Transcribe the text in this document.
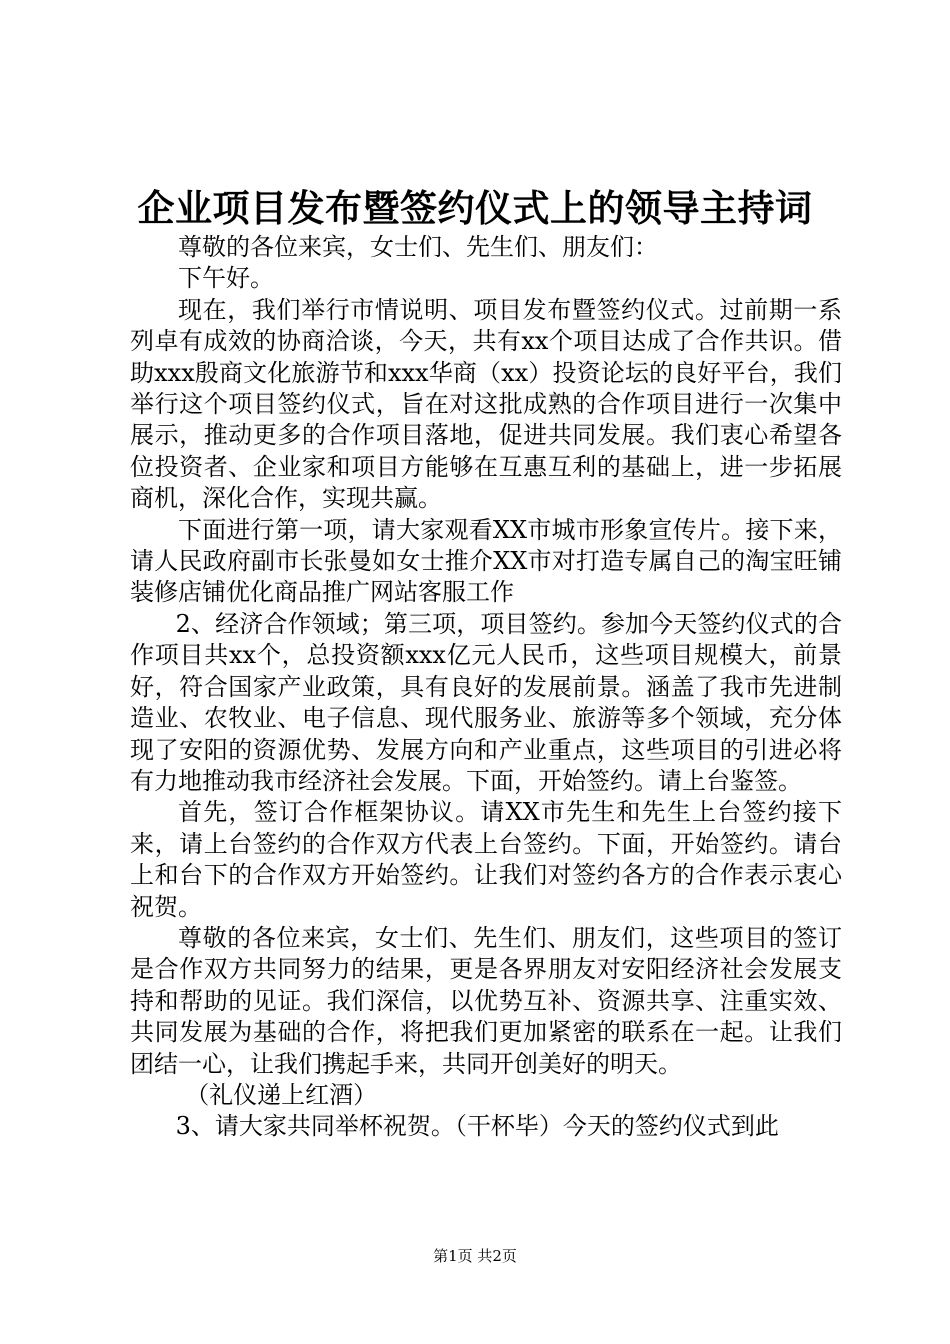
企业项目发布暨签约仪式上的领导主持词

尊敬的各位来宾，女士们、先生们、朋友们：

下午好。

现在，我们举行市情说明、项目发布暨签约仪式。过前期一系列卓有成效的协商洽谈，今天，共有xx个项目达成了合作共识。借助xxx殷商文化旅游节和xxx华商（xx）投资论坛的良好平台，我们举行这个项目签约仪式，旨在对这批成熟的合作项目进行一次集中展示，推动更多的合作项目落地，促进共同发展。我们衷心希望各位投资者、企业家和项目方能够在互惠互利的基础上，进一步拓展商机，深化合作，实现共赢。

下面进行第一项，请大家观看XX市城市形象宣传片。接下来，请人民政府副市长张曼如女士推介XX市对打造专属自己的淘宝旺铺装修店铺优化商品推广网站客服工作

2、经济合作领域；第三项，项目签约。参加今天签约仪式的合作项目共xx个，总投资额xxx亿元人民币，这些项目规模大，前景好，符合国家产业政策，具有良好的发展前景。涵盖了我市先进制造业、农牧业、电子信息、现代服务业、旅游等多个领域，充分体现了安阳的资源优势、发展方向和产业重点，这些项目的引进必将有力地推动我市经济社会发展。下面，开始签约。请上台鉴签。

首先，签订合作框架协议。请XX市先生和先生上台签约接下来，请上台签约的合作双方代表上台签约。下面，开始签约。请台上和台下的合作双方开始签约。让我们对签约各方的合作表示衷心祝贺。

尊敬的各位来宾，女士们、先生们、朋友们，这些项目的签订是合作双方共同努力的结果，更是各界朋友对安阳经济社会发展支持和帮助的见证。我们深信，以优势互补、资源共享、注重实效、共同发展为基础的合作，将把我们更加紧密的联系在一起。让我们团结一心，让我们携起手来，共同开创美好的明天。

（礼仪递上红酒）

3、请大家共同举杯祝贺。（干杯毕）今天的签约仪式到此

第1页 共2页
